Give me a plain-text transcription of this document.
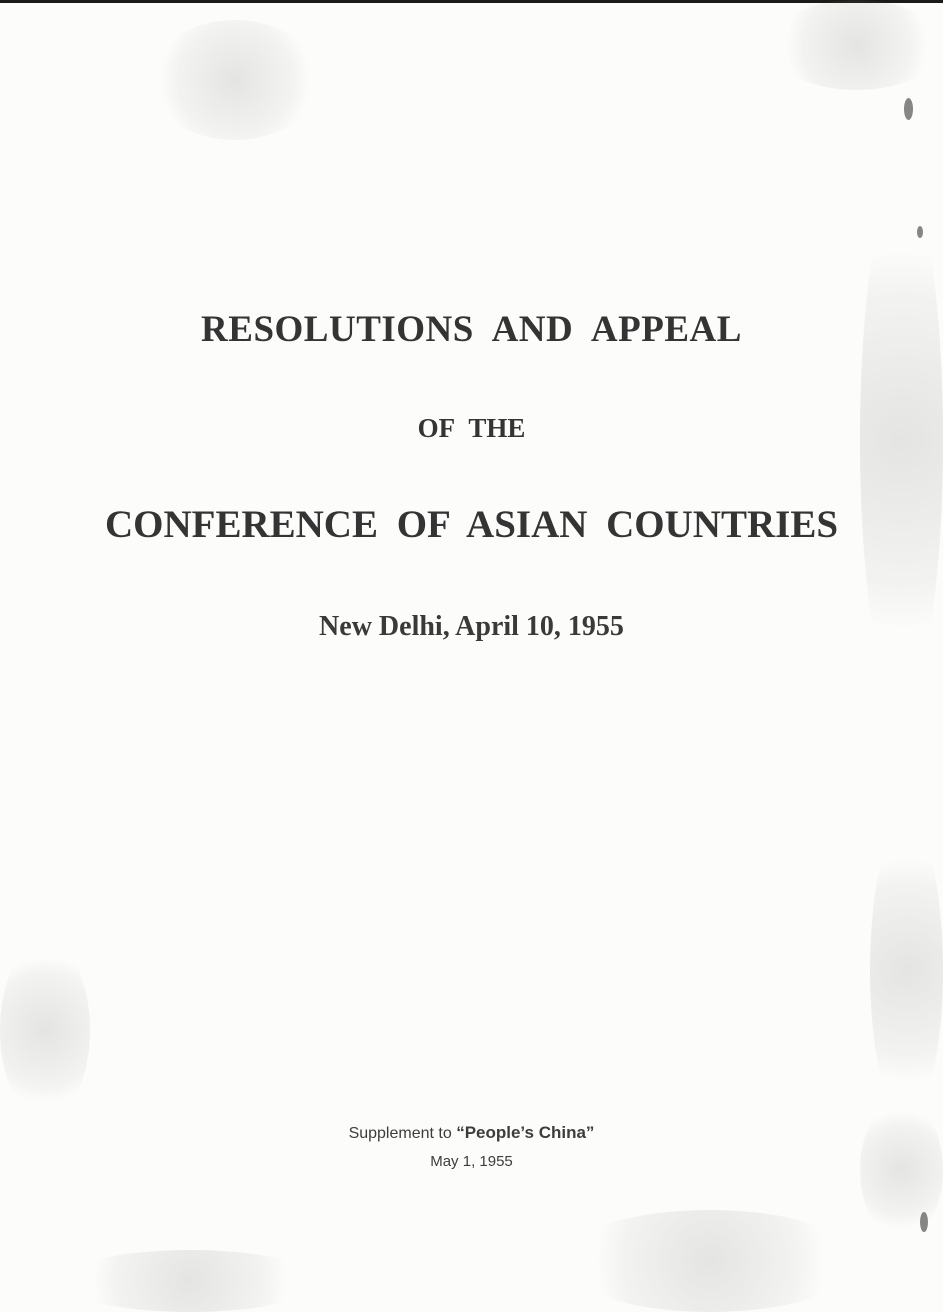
RESOLUTIONS AND APPEAL
OF THE
CONFERENCE OF ASIAN COUNTRIES
New Delhi, April 10, 1955
Supplement to “People’s China”
May 1, 1955
